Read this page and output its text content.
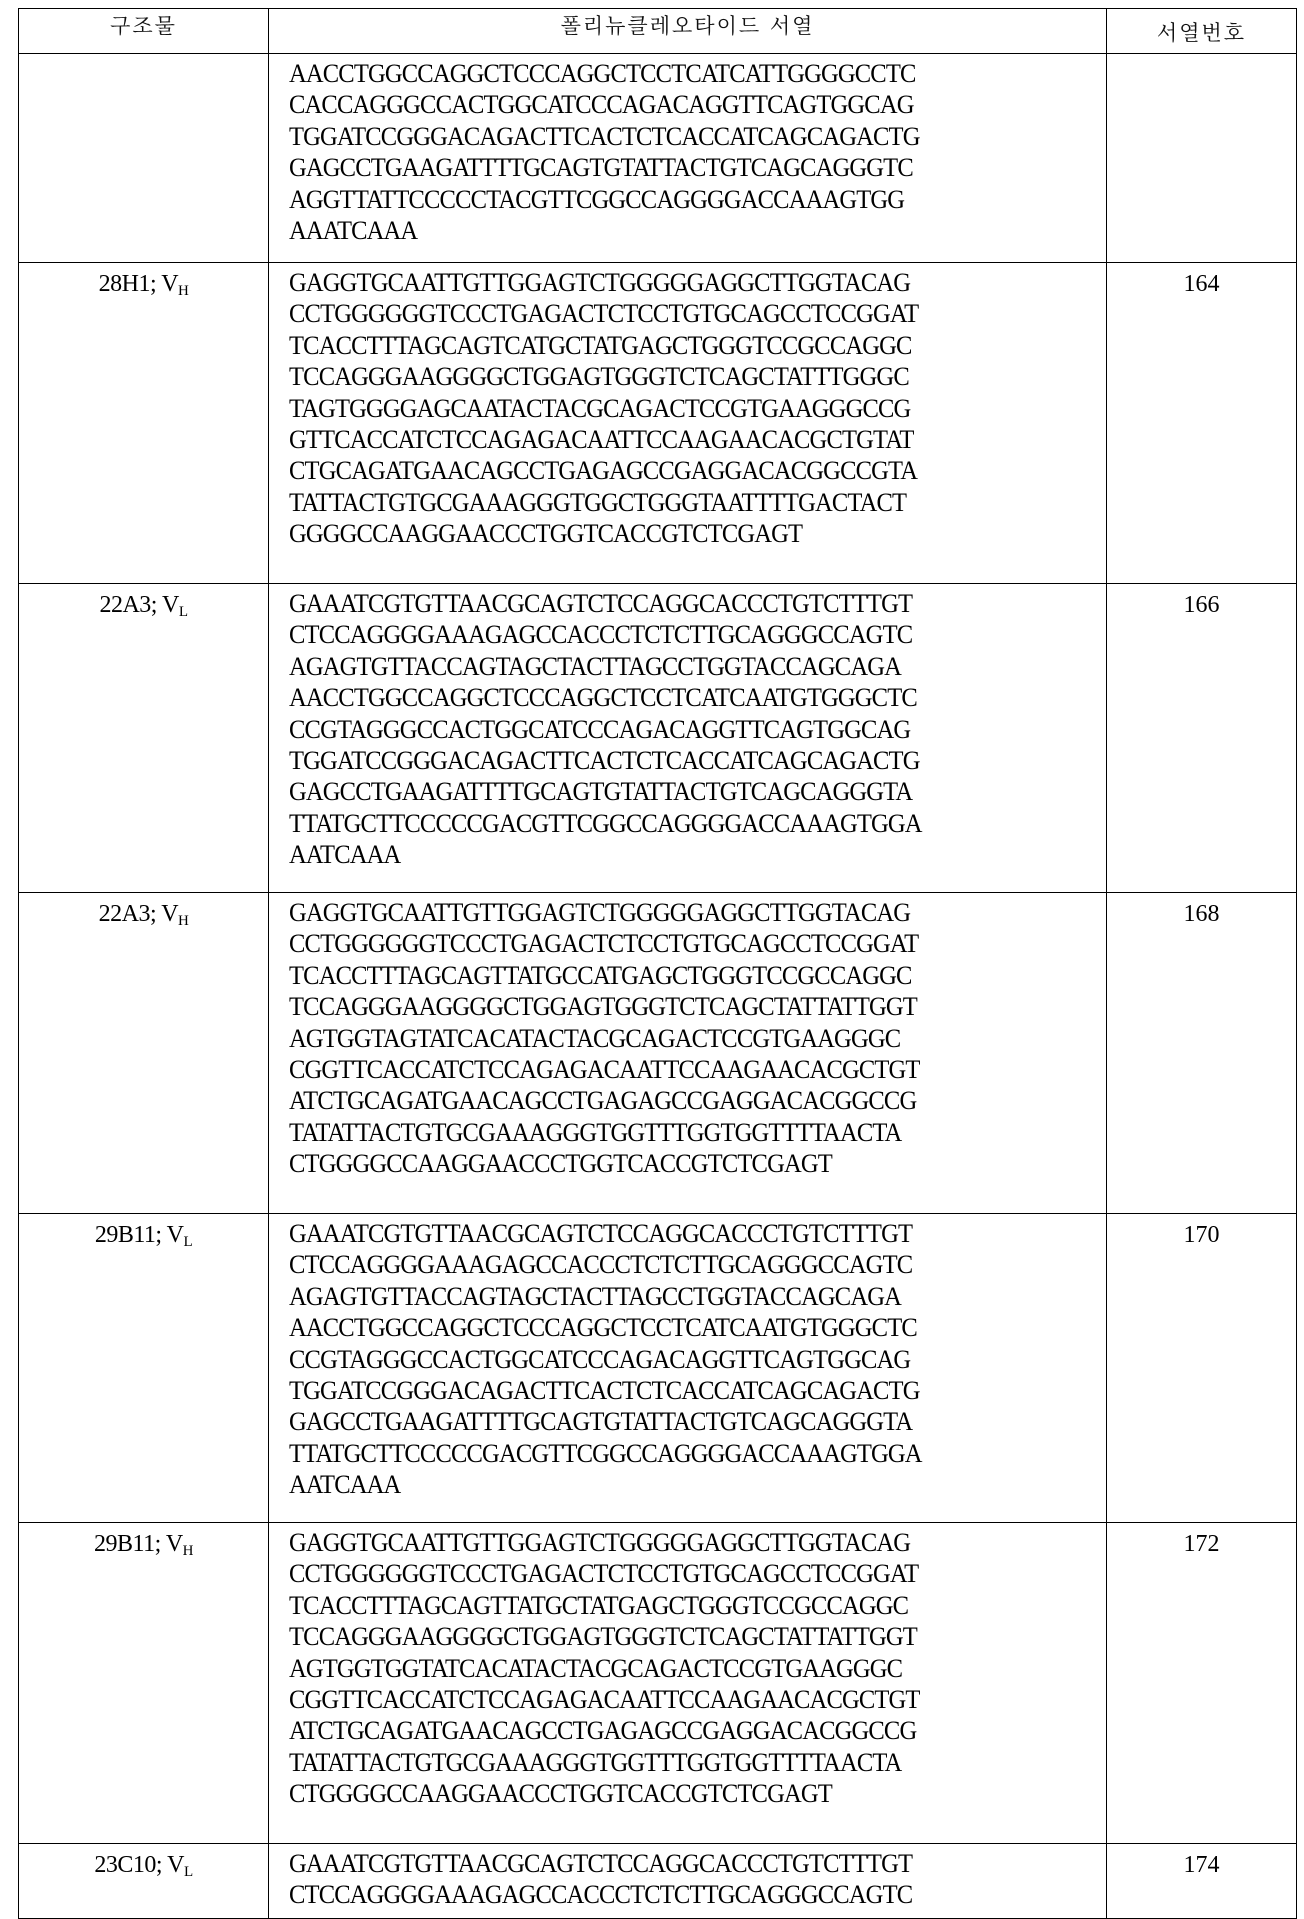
구조물	폴리뉴클레오타이드 서열	서열번호

AACCTGGCCAGGCTCCCAGGCTCCTCATCATTGGGGCCTC
CACCAGGGCCACTGGCATCCCAGACAGGTTCAGTGGCAG
TGGATCCGGGACAGACTTCACTCTCACCATCAGCAGACTG
GAGCCTGAAGATTTTGCAGTGTATTACTGTCAGCAGGGTC
AGGTTATTCCCCCTACGTTCGGCCAGGGGACCAAAGTGG
AAATCAAA

28H1; $V_H$	GAGGTGCAATTGTTGGAGTCTGGGGGAGGCTTGGTACAG
CCTGGGGGGTCCCTGAGACTCTCCTGTGCAGCCTCCGGAT
TCACCTTTAGCAGTCATGCTATGAGCTGGGTCCGCCAGGC
TCCAGGGAAGGGGCTGGAGTGGGTCTCAGCTATTTGGGC
TAGTGGGGAGCAATACTACGCAGACTCCGTGAAGGGCCG
GTTCACCATCTCCAGAGACAATTCCAAGAACACGCTGTAT
CTGCAGATGAACAGCCTGAGAGCCGAGGACACGGCCGTA
TATTACTGTGCGAAAGGGTGGCTGGGTAATTTTGACTACT
GGGGCCAAGGAACCCTGGTCACCGTCTCGAGT
	164
22A3; $V_L$	GAAATCGTGTTAACGCAGTCTCCAGGCACCCTGTCTTTGT
CTCCAGGGGAAAGAGCCACCCTCTCTTGCAGGGCCAGTC
AGAGTGTTACCAGTAGCTACTTAGCCTGGTACCAGCAGA
AACCTGGCCAGGCTCCCAGGCTCCTCATCAATGTGGGCTC
CCGTAGGGCCACTGGCATCCCAGACAGGTTCAGTGGCAG
TGGATCCGGGACAGACTTCACTCTCACCATCAGCAGACTG
GAGCCTGAAGATTTTGCAGTGTATTACTGTCAGCAGGGTA
TTATGCTTCCCCCGACGTTCGGCCAGGGGACCAAAGTGGA
AATCAAA
	166
22A3; $V_H$	GAGGTGCAATTGTTGGAGTCTGGGGGAGGCTTGGTACAG
CCTGGGGGGTCCCTGAGACTCTCCTGTGCAGCCTCCGGAT
TCACCTTTAGCAGTTATGCCATGAGCTGGGTCCGCCAGGC
TCCAGGGAAGGGGCTGGAGTGGGTCTCAGCTATTATTGGT
AGTGGTAGTATCACATACTACGCAGACTCCGTGAAGGGC
CGGTTCACCATCTCCAGAGACAATTCCAAGAACACGCTGT
ATCTGCAGATGAACAGCCTGAGAGCCGAGGACACGGCCG
TATATTACTGTGCGAAAGGGTGGTTTGGTGGTTTTAACTA
CTGGGGCCAAGGAACCCTGGTCACCGTCTCGAGT
	168
29B11; $V_L$	GAAATCGTGTTAACGCAGTCTCCAGGCACCCTGTCTTTGT
CTCCAGGGGAAAGAGCCACCCTCTCTTGCAGGGCCAGTC
AGAGTGTTACCAGTAGCTACTTAGCCTGGTACCAGCAGA
AACCTGGCCAGGCTCCCAGGCTCCTCATCAATGTGGGCTC
CCGTAGGGCCACTGGCATCCCAGACAGGTTCAGTGGCAG
TGGATCCGGGACAGACTTCACTCTCACCATCAGCAGACTG
GAGCCTGAAGATTTTGCAGTGTATTACTGTCAGCAGGGTA
TTATGCTTCCCCCGACGTTCGGCCAGGGGACCAAAGTGGA
AATCAAA
	170
29B11; $V_H$	GAGGTGCAATTGTTGGAGTCTGGGGGAGGCTTGGTACAG
CCTGGGGGGTCCCTGAGACTCTCCTGTGCAGCCTCCGGAT
TCACCTTTAGCAGTTATGCTATGAGCTGGGTCCGCCAGGC
TCCAGGGAAGGGGCTGGAGTGGGTCTCAGCTATTATTGGT
AGTGGTGGTATCACATACTACGCAGACTCCGTGAAGGGC
CGGTTCACCATCTCCAGAGACAATTCCAAGAACACGCTGT
ATCTGCAGATGAACAGCCTGAGAGCCGAGGACACGGCCG
TATATTACTGTGCGAAAGGGTGGTTTGGTGGTTTTAACTA
CTGGGGCCAAGGAACCCTGGTCACCGTCTCGAGT
	172
23C10; $V_L$	GAAATCGTGTTAACGCAGTCTCCAGGCACCCTGTCTTTGT
CTCCAGGGGAAAGAGCCACCCTCTCTTGCAGGGCCAGTC	174
